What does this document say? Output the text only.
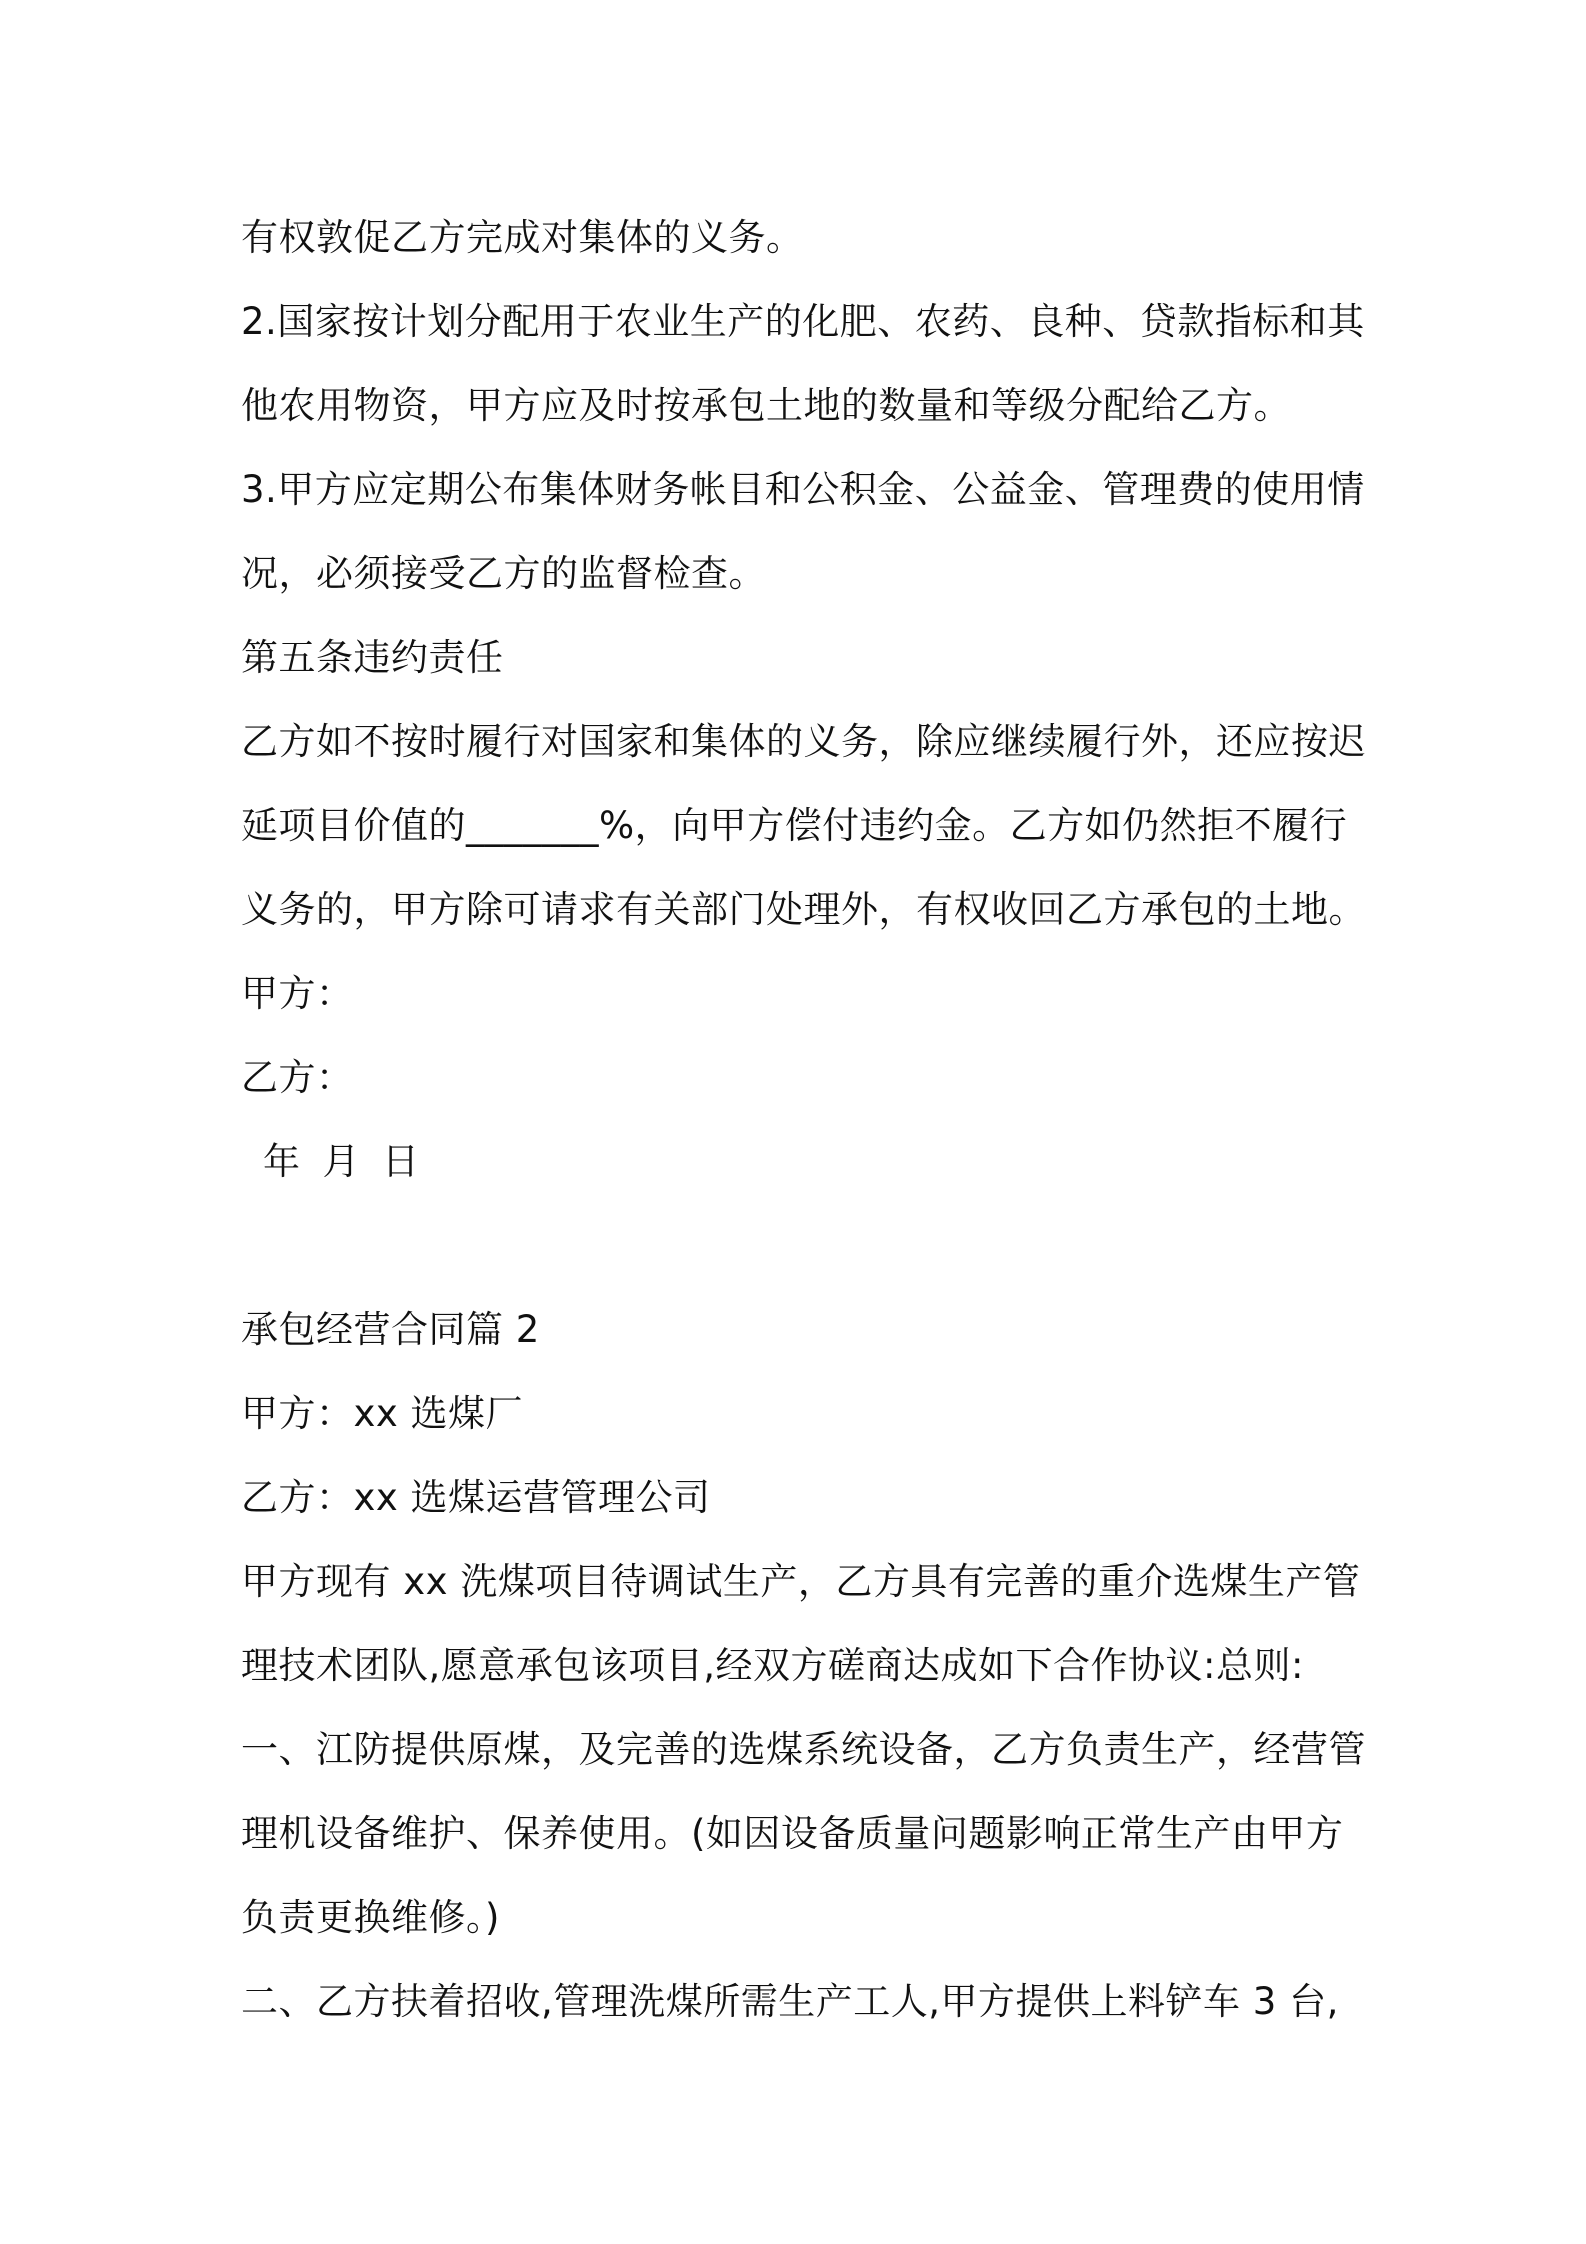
有权敦促乙方完成对集体的义务。
2.国家按计划分配用于农业生产的化肥、农药、良种、贷款指标和其
他农用物资，甲方应及时按承包土地的数量和等级分配给乙方。
3.甲方应定期公布集体财务帐目和公积金、公益金、管理费的使用情
况，必须接受乙方的监督检查。
第五条违约责任
乙方如不按时履行对国家和集体的义务，除应继续履行外，还应按迟
延项目价值的_______%，向甲方偿付违约金。乙方如仍然拒不履行
义务的，甲方除可请求有关部门处理外，有权收回乙方承包的土地。
甲方：
乙方：
年 月 日
承包经营合同篇 2
甲方：xx 选煤厂
乙方：xx 选煤运营管理公司
甲方现有 xx 洗煤项目待调试生产，乙方具有完善的重介选煤生产管
理技术团队,愿意承包该项目,经双方磋商达成如下合作协议:总则:
一、江防提供原煤，及完善的选煤系统设备，乙方负责生产，经营管
理机设备维护、保养使用。(如因设备质量问题影响正常生产由甲方
负责更换维修。)
二、乙方扶着招收,管理洗煤所需生产工人,甲方提供上料铲车 3 台,
